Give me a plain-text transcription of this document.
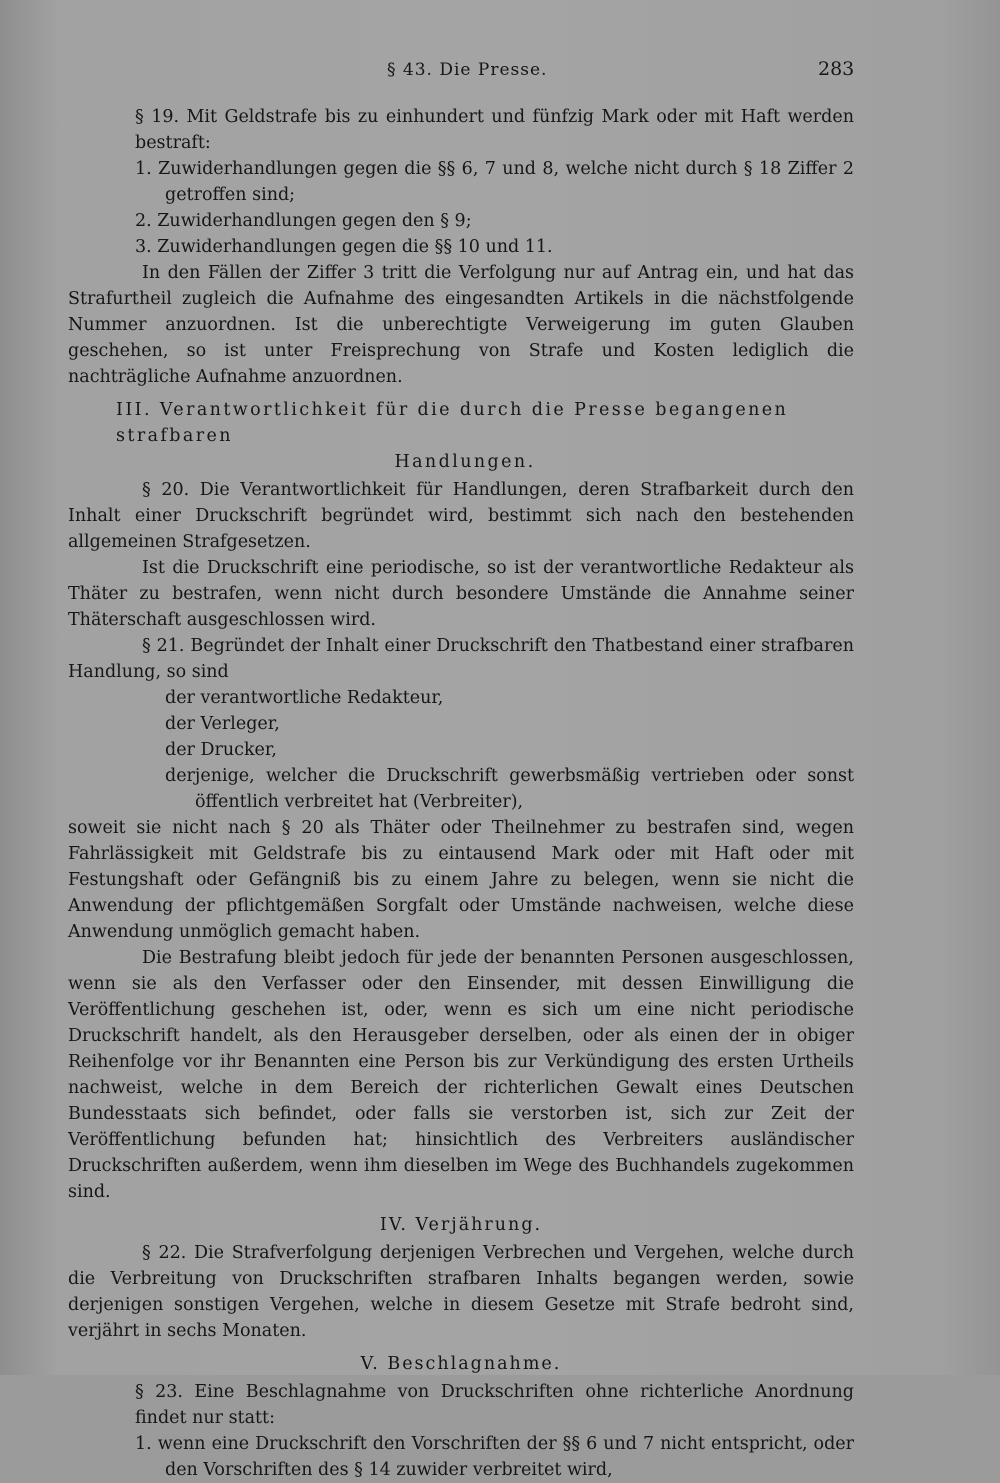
§ 43. Die Presse.	283

§ 19. Mit Geldstrafe bis zu einhundert und fünfzig Mark oder mit Haft werden bestraft:

1. Zuwiderhandlungen gegen die §§ 6, 7 und 8, welche nicht durch § 18 Ziffer 2 getroffen sind;

2. Zuwiderhandlungen gegen den § 9;

3. Zuwiderhandlungen gegen die §§ 10 und 11.

In den Fällen der Ziffer 3 tritt die Verfolgung nur auf Antrag ein, und hat das Strafurtheil zugleich die Aufnahme des eingesandten Artikels in die nächstfolgende Nummer anzuordnen. Ist die unberechtigte Verweigerung im guten Glauben geschehen, so ist unter Freisprechung von Strafe und Kosten lediglich die nachträgliche Aufnahme anzuordnen.

III. Verantwortlichkeit für die durch die Presse begangenen strafbaren
Handlungen.

§ 20. Die Verantwortlichkeit für Handlungen, deren Strafbarkeit durch den Inhalt einer Druckschrift begründet wird, bestimmt sich nach den bestehenden allgemeinen Strafgesetzen.

Ist die Druckschrift eine periodische, so ist der verantwortliche Redakteur als Thäter zu bestrafen, wenn nicht durch besondere Umstände die Annahme seiner Thäterschaft ausgeschlossen wird.

§ 21. Begründet der Inhalt einer Druckschrift den Thatbestand einer strafbaren Handlung, so sind

der verantwortliche Redakteur,

der Verleger,

der Drucker,

derjenige, welcher die Druckschrift gewerbsmäßig vertrieben oder sonst öffentlich verbreitet hat (Verbreiter),

soweit sie nicht nach § 20 als Thäter oder Theilnehmer zu bestrafen sind, wegen Fahrlässigkeit mit Geldstrafe bis zu eintausend Mark oder mit Haft oder mit Festungshaft oder Gefängniß bis zu einem Jahre zu belegen, wenn sie nicht die Anwendung der pflichtgemäßen Sorgfalt oder Umstände nachweisen, welche diese Anwendung unmöglich gemacht haben.

Die Bestrafung bleibt jedoch für jede der benannten Personen ausgeschlossen, wenn sie als den Verfasser oder den Einsender, mit dessen Einwilligung die Veröffentlichung geschehen ist, oder, wenn es sich um eine nicht periodische Druckschrift handelt, als den Herausgeber derselben, oder als einen der in obiger Reihenfolge vor ihr Benannten eine Person bis zur Verkündigung des ersten Urtheils nachweist, welche in dem Bereich der richterlichen Gewalt eines Deutschen Bundesstaats sich befindet, oder falls sie verstorben ist, sich zur Zeit der Veröffentlichung befunden hat; hinsichtlich des Verbreiters ausländischer Druckschriften außerdem, wenn ihm dieselben im Wege des Buchhandels zugekommen sind.

IV. Verjährung.

§ 22. Die Strafverfolgung derjenigen Verbrechen und Vergehen, welche durch die Verbreitung von Druckschriften strafbaren Inhalts begangen werden, sowie derjenigen sonstigen Vergehen, welche in diesem Gesetze mit Strafe bedroht sind, verjährt in sechs Monaten.

V. Beschlagnahme.

§ 23. Eine Beschlagnahme von Druckschriften ohne richterliche Anordnung findet nur statt:

1. wenn eine Druckschrift den Vorschriften der §§ 6 und 7 nicht entspricht, oder den Vorschriften des § 14 zuwider verbreitet wird,
